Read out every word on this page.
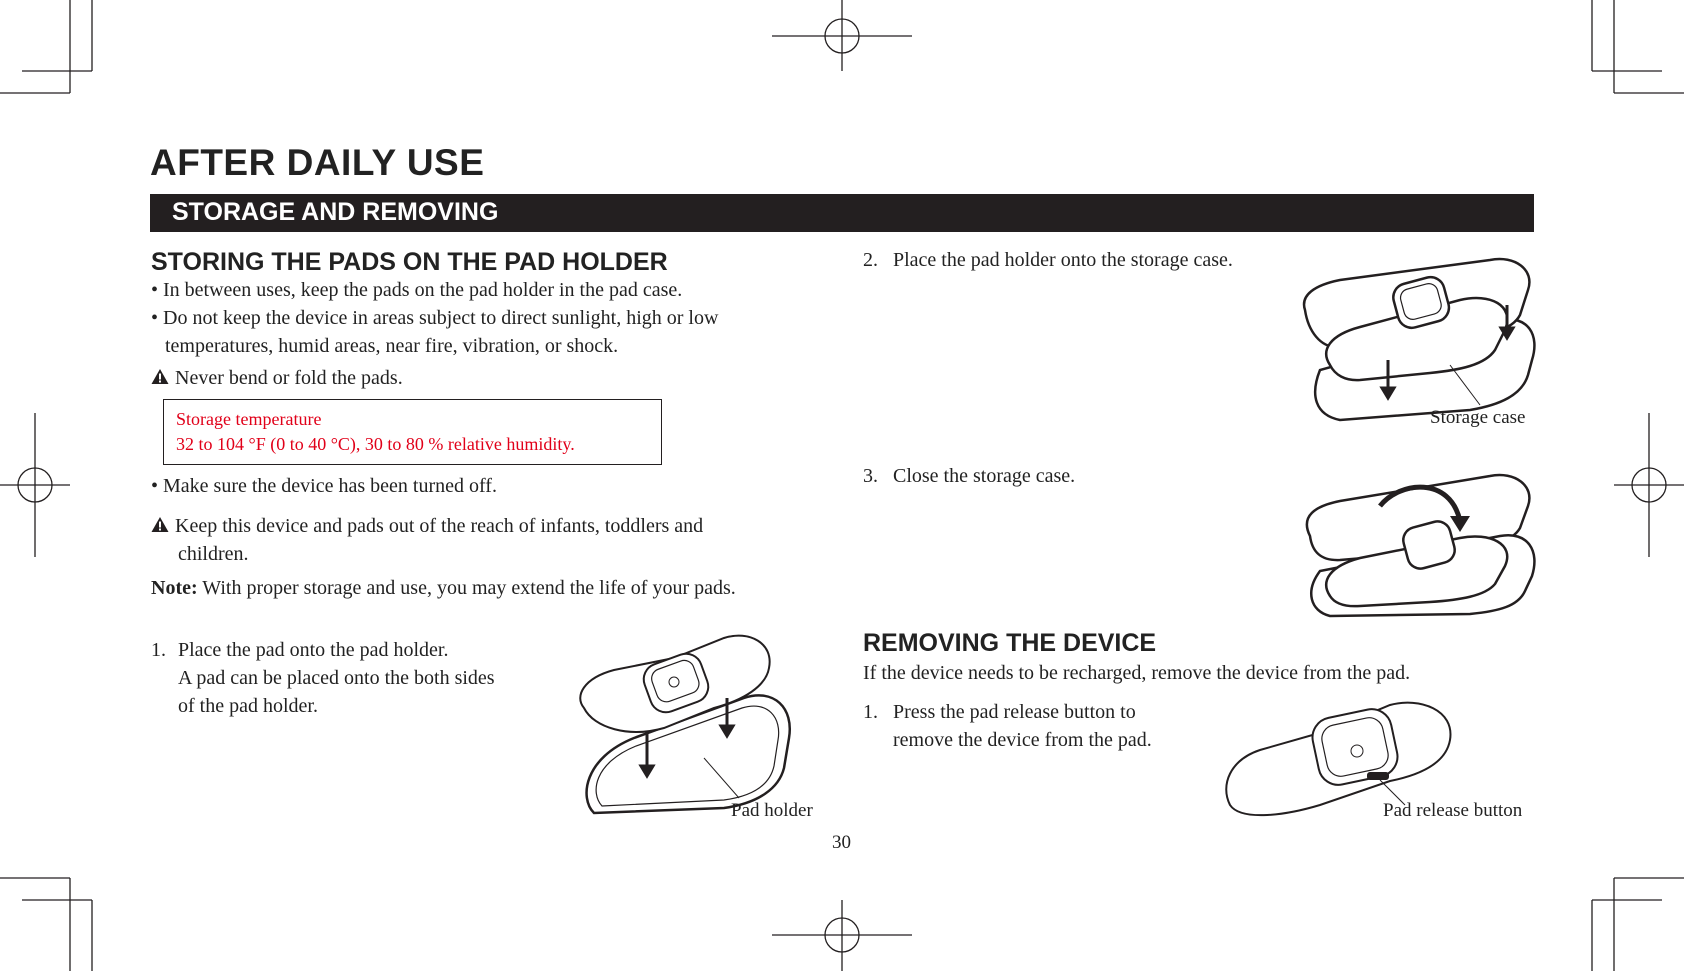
AFTER DAILY USE
STORAGE AND REMOVING
STORING THE PADS ON THE PAD HOLDER
• In between uses, keep the pads on the pad holder in the pad case.
• Do not keep the device in areas subject to direct sunlight, high or low
temperatures, humid areas, near fire, vibration, or shock.
Never bend or fold the pads.
Storage temperature
32 to 104 °F (0 to 40 °C), 30 to 80 % relative humidity.
• Make sure the device has been turned off.
Keep this device and pads out of the reach of infants, toddlers and
children.
Note: With proper storage and use, you may extend the life of your pads.
1. Place the pad onto the pad holder.
A pad can be placed onto the both sides
of the pad holder.
Pad holder
2. Place the pad holder onto the storage case.
Storage case
3. Close the storage case.
REMOVING THE DEVICE
If the device needs to be recharged, remove the device from the pad.
1. Press the pad release button to
remove the device from the pad.
Pad release button
30
